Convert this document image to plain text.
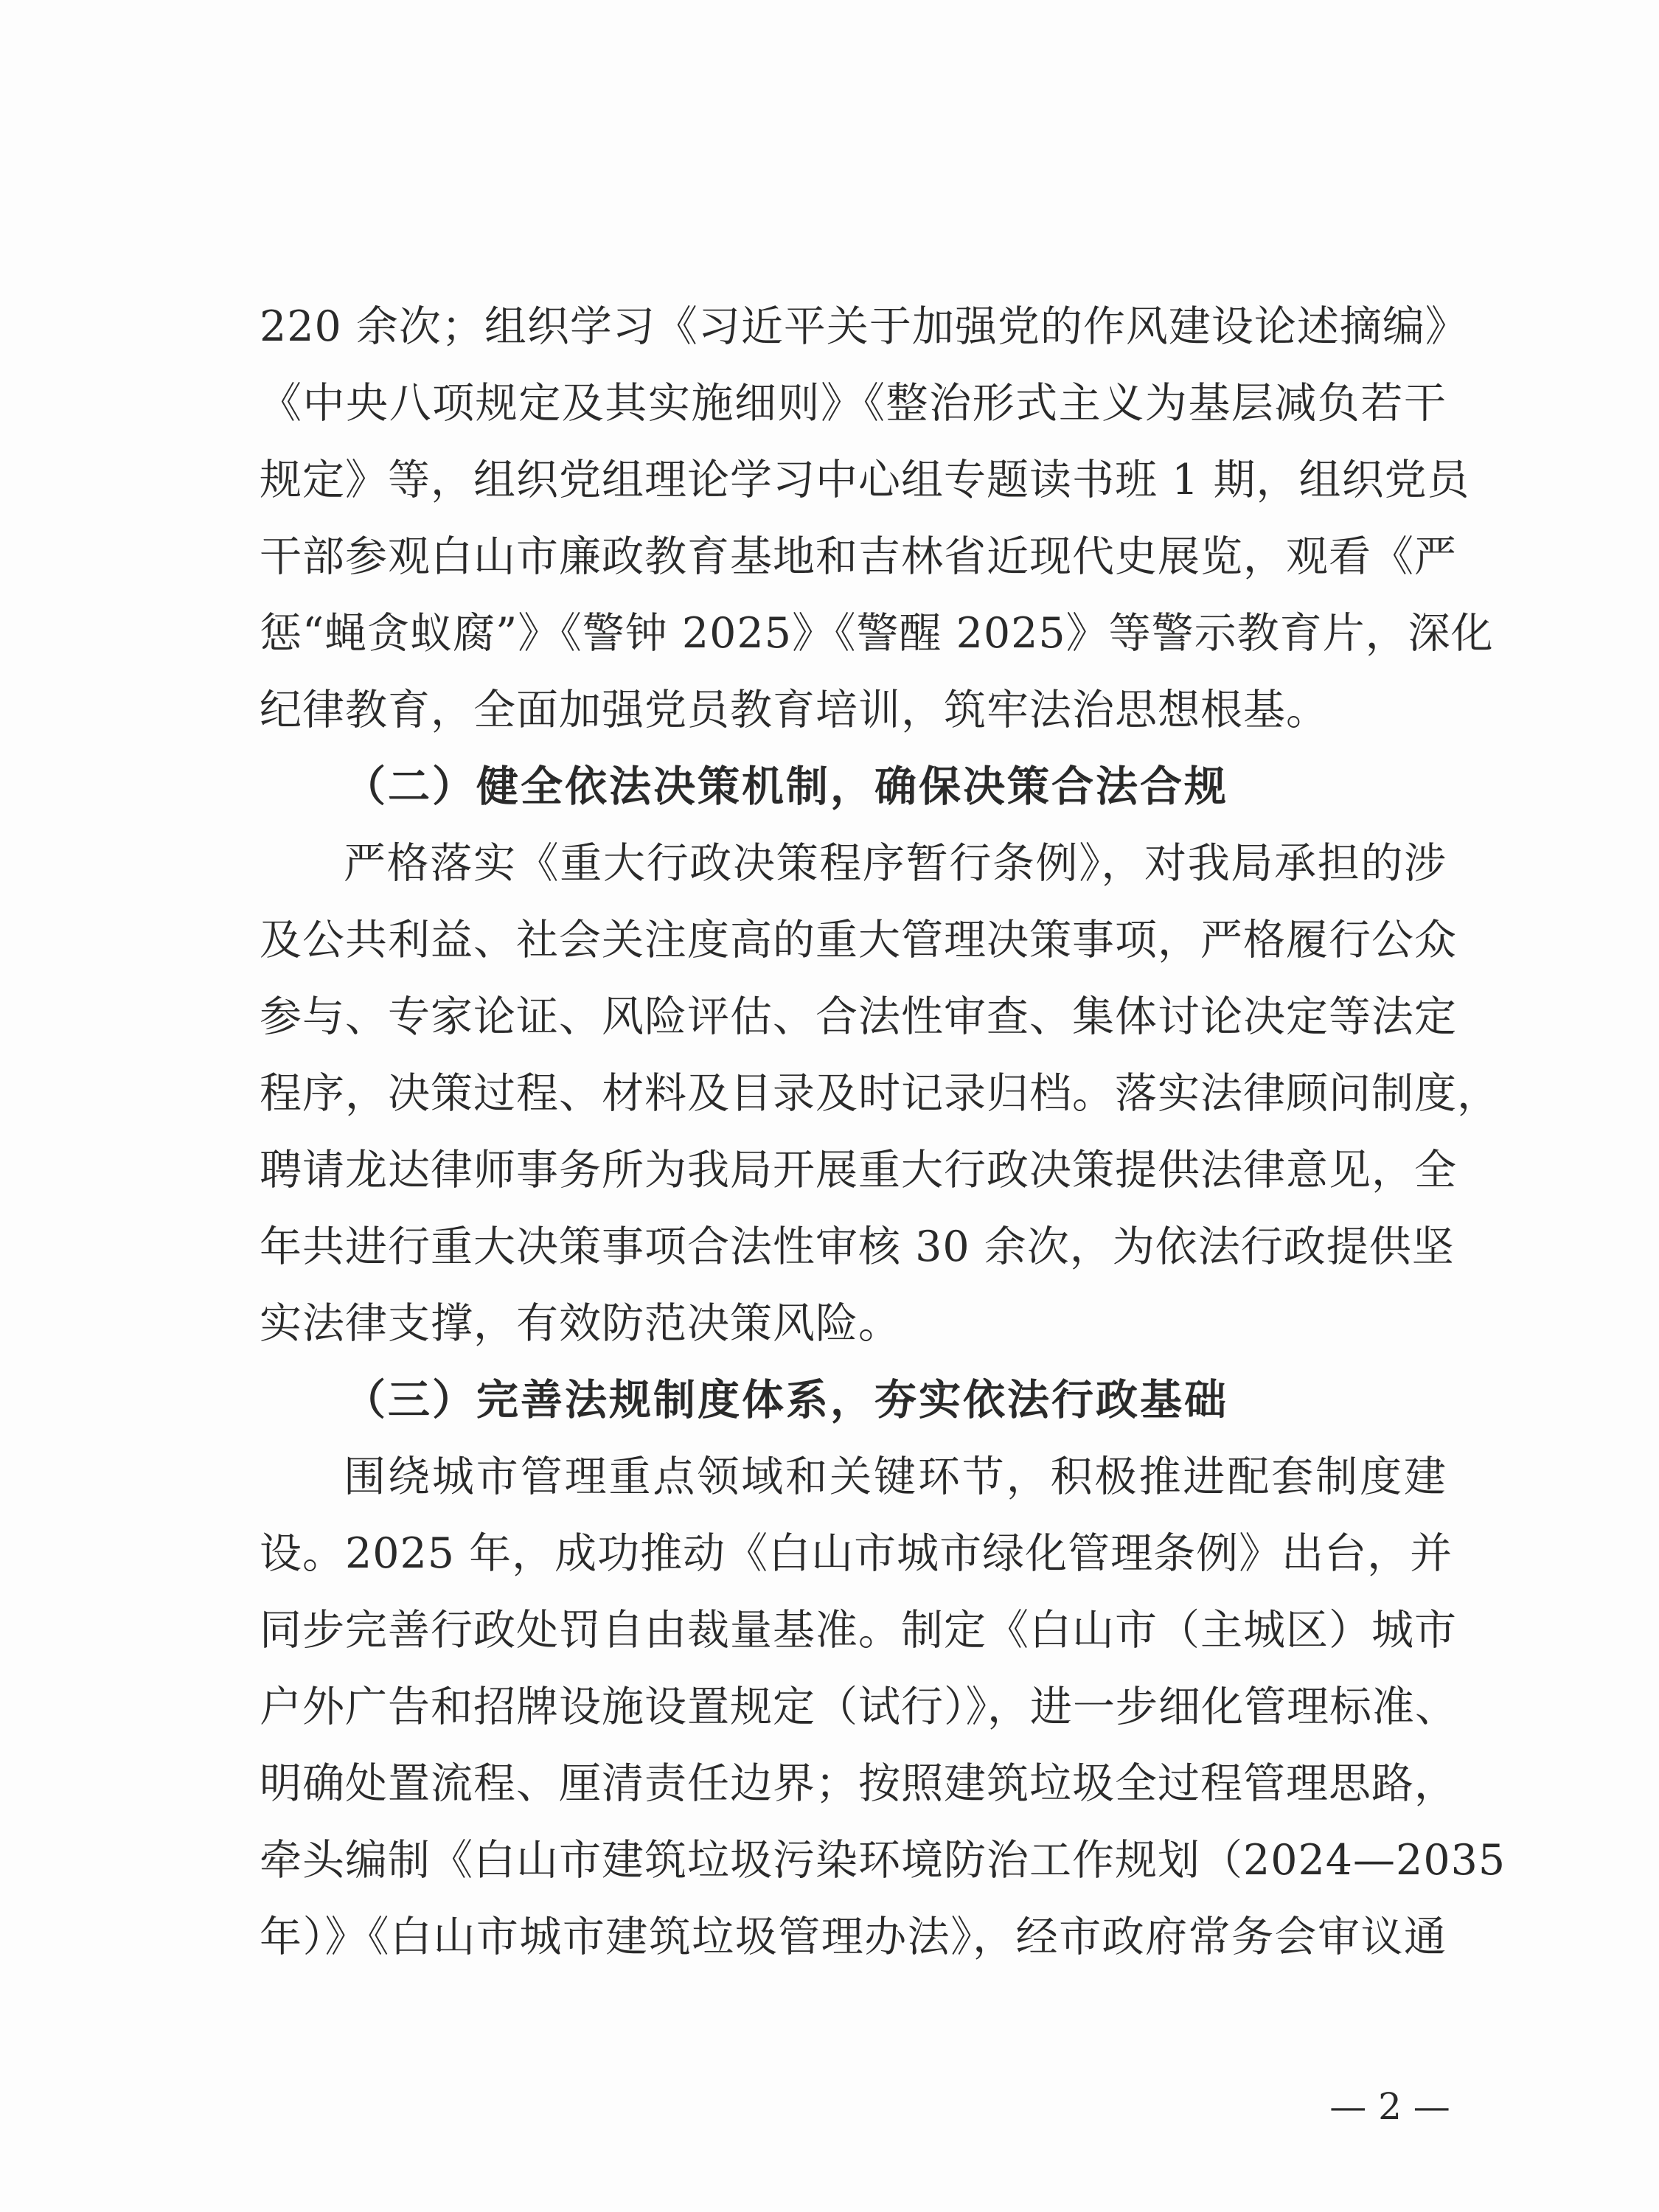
220 余次；组织学习《习近平关于加强党的作风建设论述摘编》
《中央八项规定及其实施细则》《整治形式主义为基层减负若干
规定》等，组织党组理论学习中心组专题读书班 1 期，组织党员
干部参观白山市廉政教育基地和吉林省近现代史展览，观看《严
惩“蝇贪蚁腐”》《警钟 2025》《警醒 2025》等警示教育片，深化
纪律教育，全面加强党员教育培训，筑牢法治思想根基。
（二）健全依法决策机制，确保决策合法合规
严格落实《重大行政决策程序暂行条例》，对我局承担的涉
及公共利益、社会关注度高的重大管理决策事项，严格履行公众
参与、专家论证、风险评估、合法性审查、集体讨论决定等法定
程序，决策过程、材料及目录及时记录归档。落实法律顾问制度，
聘请龙达律师事务所为我局开展重大行政决策提供法律意见，全
年共进行重大决策事项合法性审核 30 余次，为依法行政提供坚
实法律支撑，有效防范决策风险。
（三）完善法规制度体系，夯实依法行政基础
围绕城市管理重点领域和关键环节，积极推进配套制度建
设。2025 年，成功推动《白山市城市绿化管理条例》出台，并
同步完善行政处罚自由裁量基准。制定《白山市（主城区）城市
户外广告和招牌设施设置规定（试行）》，进一步细化管理标准、
明确处置流程、厘清责任边界；按照建筑垃圾全过程管理思路，
牵头编制《白山市建筑垃圾污染环境防治工作规划（2024—2035
年）》《白山市城市建筑垃圾管理办法》，经市政府常务会审议通
— 2 —
